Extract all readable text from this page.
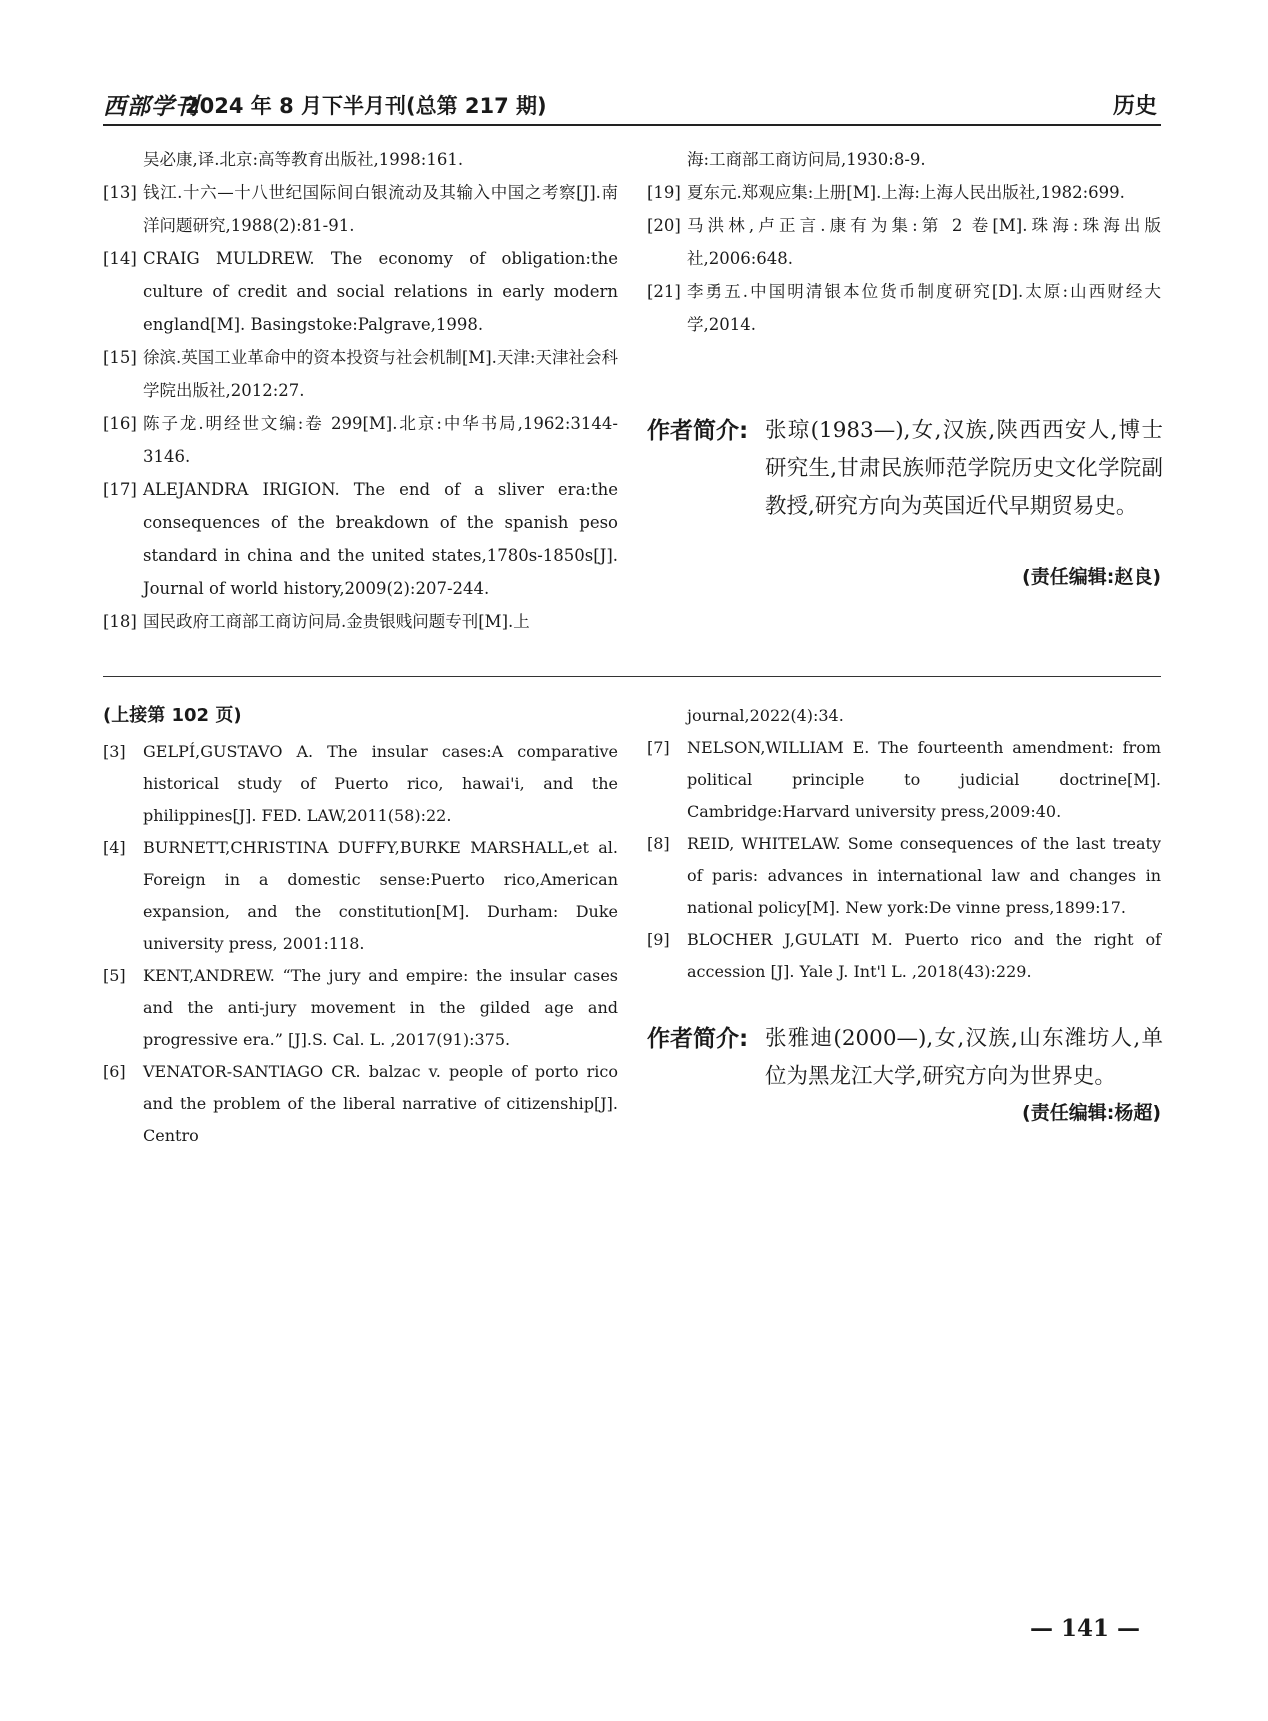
西部学刊
2024 年 8 月下半月刊(总第 217 期)	历史

吴必康,译.北京:高等教育出版社,1998:161.

[13] 钱江.十六—十八世纪国际间白银流动及其输入中国之考察[J].南洋问题研究,1988(2):81-91.

[14] CRAIG MULDREW. The economy of obligation:the culture of credit and social relations in early modern england[M]. Basingstoke:Palgrave,1998.

[15] 徐滨.英国工业革命中的资本投资与社会机制[M].天津:天津社会科学院出版社,2012:27.

[16] 陈子龙.明经世文编:卷 299[M].北京:中华书局,1962:3144-3146.

[17] ALEJANDRA IRIGION. The end of a sliver era:the consequences of the breakdown of the spanish peso standard in china and the united states,1780s-1850s[J]. Journal of world history,2009(2):207-244.

[18] 国民政府工商部工商访问局.金贵银贱问题专刊[M].上

海:工商部工商访问局,1930:8-9.

[19] 夏东元.郑观应集:上册[M].上海:上海人民出版社,1982:699.

[20] 马洪林,卢正言.康有为集:第 2 卷[M].珠海:珠海出版社,2006:648.

[21] 李勇五.中国明清银本位货币制度研究[D].太原:山西财经大学,2014.

作者简介: 张琼(1983—),女,汉族,陕西西安人,博士研究生,甘肃民族师范学院历史文化学院副教授,研究方向为英国近代早期贸易史。
(责任编辑:赵良)

(上接第 102 页)

[3] GELPÍ,GUSTAVO A. The insular cases:A comparative historical study of Puerto rico, hawai'i, and the philippines[J]. FED. LAW,2011(58):22.

[4] BURNETT,CHRISTINA DUFFY,BURKE MARSHALL,et al. Foreign in a domestic sense:Puerto rico,American expansion, and the constitution[M]. Durham: Duke university press, 2001:118.

[5] KENT,ANDREW. “The jury and empire: the insular cases and the anti-jury movement in the gilded age and progressive era.” [J].S. Cal. L. ,2017(91):375.

[6] VENATOR-SANTIAGO CR. balzac v. people of porto rico and the problem of the liberal narrative of citizenship[J]. Centro

journal,2022(4):34.

[7] NELSON,WILLIAM E. The fourteenth amendment: from political principle to judicial doctrine[M]. Cambridge:Harvard university press,2009:40.

[8] REID, WHITELAW. Some consequences of the last treaty of paris: advances in international law and changes in national policy[M]. New york:De vinne press,1899:17.

[9] BLOCHER J,GULATI M. Puerto rico and the right of accession [J]. Yale J. Int'l L. ,2018(43):229.

作者简介: 张雅迪(2000—),女,汉族,山东潍坊人,单位为黑龙江大学,研究方向为世界史。
(责任编辑:杨超)
— 141 —
